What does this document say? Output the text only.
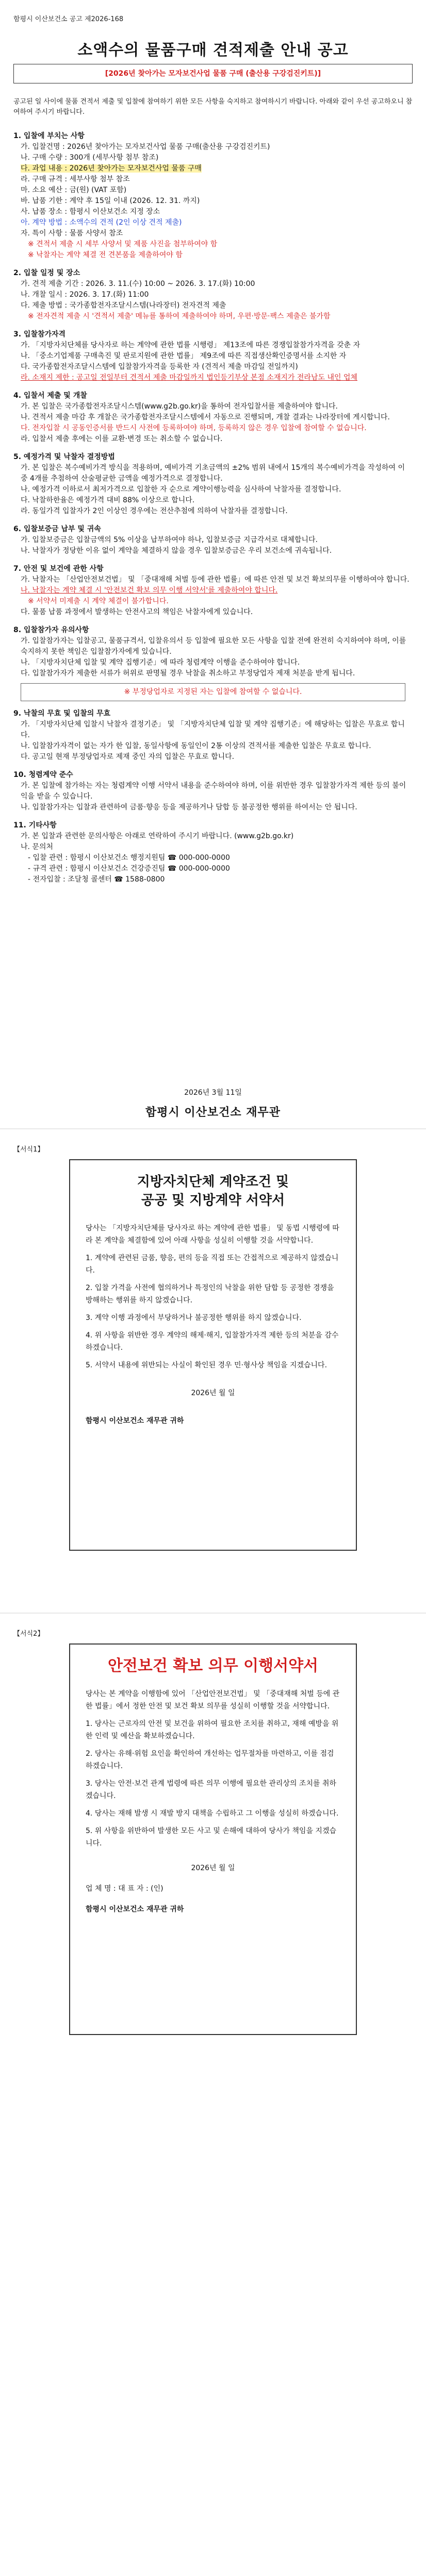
함평시 이산보건소 공고 제2026-168
소액수의 물품구매 견적제출 안내 공고
[2026년 찾아가는 모자보건사업 물품 구매 (출산용 구강검진키트)]
공고된 일 사이에 물품 견적서 제출 및 입찰에 참여하기 위한 모든 사항을 숙지하고 참여하시기 바랍니다. 아래와 같이 우선 공고하오니 참여하여 주시기 바랍니다.
1. 입찰에 부치는 사항
가. 입찰건명 : 2026년 찾아가는 모자보건사업 물품 구매(출산용 구강검진키트)
나. 구매 수량 : 300개 (세부사항 첨부 참조)
다. 과업 내용 : 2026년 찾아가는 모자보건사업 물품 구매
라. 구매 규격 : 세부사항 첨부 참조
마. 소요 예산 : 금(원) (VAT 포함)
바. 납품 기한 : 계약 후 15일 이내 (2026. 12. 31. 까지)
사. 납품 장소 : 함평시 이산보건소 지정 장소
아. 계약 방법 : 소액수의 견적 (2인 이상 견적 제출)
자. 특이 사항 : 물품 사양서 참조
※ 견적서 제출 시 세부 사양서 및 제품 사진을 첨부하여야 함
※ 낙찰자는 계약 체결 전 견본품을 제출하여야 함
2. 입찰 일정 및 장소
가. 견적 제출 기간 : 2026. 3. 11.(수) 10:00 ~ 2026. 3. 17.(화) 10:00
나. 개찰 일시 : 2026. 3. 17.(화) 11:00
다. 제출 방법 : 국가종합전자조달시스템(나라장터) 전자견적 제출
※ 전자견적 제출 시 '견적서 제출' 메뉴를 통하여 제출하여야 하며, 우편·방문·팩스 제출은 불가함
3. 입찰참가자격
가. 「지방자치단체를 당사자로 하는 계약에 관한 법률 시행령」 제13조에 따른 경쟁입찰참가자격을 갖춘 자
나. 「중소기업제품 구매촉진 및 판로지원에 관한 법률」 제9조에 따른 직접생산확인증명서를 소지한 자
다. 국가종합전자조달시스템에 입찰참가자격을 등록한 자 (견적서 제출 마감일 전일까지)
라. 소재지 제한 : 공고일 전일부터 견적서 제출 마감일까지 법인등기부상 본점 소재지가 전라남도 내인 업체
4. 입찰서 제출 및 개찰
가. 본 입찰은 국가종합전자조달시스템(www.g2b.go.kr)을 통하여 전자입찰서를 제출하여야 합니다.
나. 견적서 제출 마감 후 개찰은 국가종합전자조달시스템에서 자동으로 진행되며, 개찰 결과는 나라장터에 게시합니다.
다. 전자입찰 시 공동인증서를 반드시 사전에 등록하여야 하며, 등록하지 않은 경우 입찰에 참여할 수 없습니다.
라. 입찰서 제출 후에는 이를 교환·변경 또는 취소할 수 없습니다.
5. 예정가격 및 낙찰자 결정방법
가. 본 입찰은 복수예비가격 방식을 적용하며, 예비가격 기초금액의 ±2% 범위 내에서 15개의 복수예비가격을 작성하여 이 중 4개를 추첨하여 산술평균한 금액을 예정가격으로 결정합니다.
나. 예정가격 이하로서 최저가격으로 입찰한 자 순으로 계약이행능력을 심사하여 낙찰자를 결정합니다.
다. 낙찰하한율은 예정가격 대비 88% 이상으로 합니다.
라. 동일가격 입찰자가 2인 이상인 경우에는 전산추첨에 의하여 낙찰자를 결정합니다.
6. 입찰보증금 납부 및 귀속
가. 입찰보증금은 입찰금액의 5% 이상을 납부하여야 하나, 입찰보증금 지급각서로 대체합니다.
나. 낙찰자가 정당한 이유 없이 계약을 체결하지 않을 경우 입찰보증금은 우리 보건소에 귀속됩니다.
7. 안전 및 보건에 관한 사항
가. 낙찰자는 「산업안전보건법」 및 「중대재해 처벌 등에 관한 법률」에 따른 안전 및 보건 확보의무를 이행하여야 합니다.
나. 낙찰자는 계약 체결 시 '안전보건 확보 의무 이행 서약서'를 제출하여야 합니다.
※ 서약서 미제출 시 계약 체결이 불가합니다.
다. 물품 납품 과정에서 발생하는 안전사고의 책임은 낙찰자에게 있습니다.
8. 입찰참가자 유의사항
가. 입찰참가자는 입찰공고, 물품규격서, 입찰유의서 등 입찰에 필요한 모든 사항을 입찰 전에 완전히 숙지하여야 하며, 이를 숙지하지 못한 책임은 입찰참가자에게 있습니다.
나. 「지방자치단체 입찰 및 계약 집행기준」에 따라 청렴계약 이행을 준수하여야 합니다.
다. 입찰참가자가 제출한 서류가 허위로 판명될 경우 낙찰을 취소하고 부정당업자 제재 처분을 받게 됩니다.
※ 부정당업자로 지정된 자는 입찰에 참여할 수 없습니다.
9. 낙찰의 무효 및 입찰의 무효
가. 「지방자치단체 입찰시 낙찰자 결정기준」 및 「지방자치단체 입찰 및 계약 집행기준」에 해당하는 입찰은 무효로 합니다.
나. 입찰참가자격이 없는 자가 한 입찰, 동일사항에 동일인이 2통 이상의 견적서를 제출한 입찰은 무효로 합니다.
다. 공고일 현재 부정당업자로 제재 중인 자의 입찰은 무효로 합니다.
10. 청렴계약 준수
가. 본 입찰에 참가하는 자는 청렴계약 이행 서약서 내용을 준수하여야 하며, 이를 위반한 경우 입찰참가자격 제한 등의 불이익을 받을 수 있습니다.
나. 입찰참가자는 입찰과 관련하여 금품·향응 등을 제공하거나 담합 등 불공정한 행위를 하여서는 안 됩니다.
11. 기타사항
가. 본 입찰과 관련한 문의사항은 아래로 연락하여 주시기 바랍니다. (www.g2b.go.kr)
나. 문의처
- 입찰 관련 : 함평시 이산보건소 행정지원팀 ☎ 000-000-0000
- 규격 관련 : 함평시 이산보건소 건강증진팀 ☎ 000-000-0000
- 전자입찰 : 조달청 콜센터 ☎ 1588-0800
2026년 3월 11일
함평시 이산보건소 재무관
【서식1】
지방자치단체 계약조건 및
공공 및 지방계약 서약서
당사는 「지방자치단체를 당사자로 하는 계약에 관한 법률」 및 동법 시행령에 따라 본 계약을 체결함에 있어 아래 사항을 성실히 이행할 것을 서약합니다.
1. 계약에 관련된 금품, 향응, 편의 등을 직접 또는 간접적으로 제공하지 않겠습니다.
2. 입찰 가격을 사전에 협의하거나 특정인의 낙찰을 위한 담합 등 공정한 경쟁을 방해하는 행위를 하지 않겠습니다.
3. 계약 이행 과정에서 부당하거나 불공정한 행위를 하지 않겠습니다.
4. 위 사항을 위반한 경우 계약의 해제·해지, 입찰참가자격 제한 등의 처분을 감수하겠습니다.
5. 서약서 내용에 위반되는 사실이 확인된 경우 민·형사상 책임을 지겠습니다.
2026년 월 일
함평시 이산보건소 재무관 귀하
【서식2】
안전보건 확보 의무 이행서약서
당사는 본 계약을 이행함에 있어 「산업안전보건법」 및 「중대재해 처벌 등에 관한 법률」에서 정한 안전 및 보건 확보 의무를 성실히 이행할 것을 서약합니다.
1. 당사는 근로자의 안전 및 보건을 위하여 필요한 조치를 취하고, 재해 예방을 위한 인력 및 예산을 확보하겠습니다.
2. 당사는 유해·위험 요인을 확인하여 개선하는 업무절차를 마련하고, 이를 점검하겠습니다.
3. 당사는 안전·보건 관계 법령에 따른 의무 이행에 필요한 관리상의 조치를 취하겠습니다.
4. 당사는 재해 발생 시 재발 방지 대책을 수립하고 그 이행을 성실히 하겠습니다.
5. 위 사항을 위반하여 발생한 모든 사고 및 손해에 대하여 당사가 책임을 지겠습니다.
2026년 월 일
업 체 명 : 대 표 자 : (인)
함평시 이산보건소 재무관 귀하
